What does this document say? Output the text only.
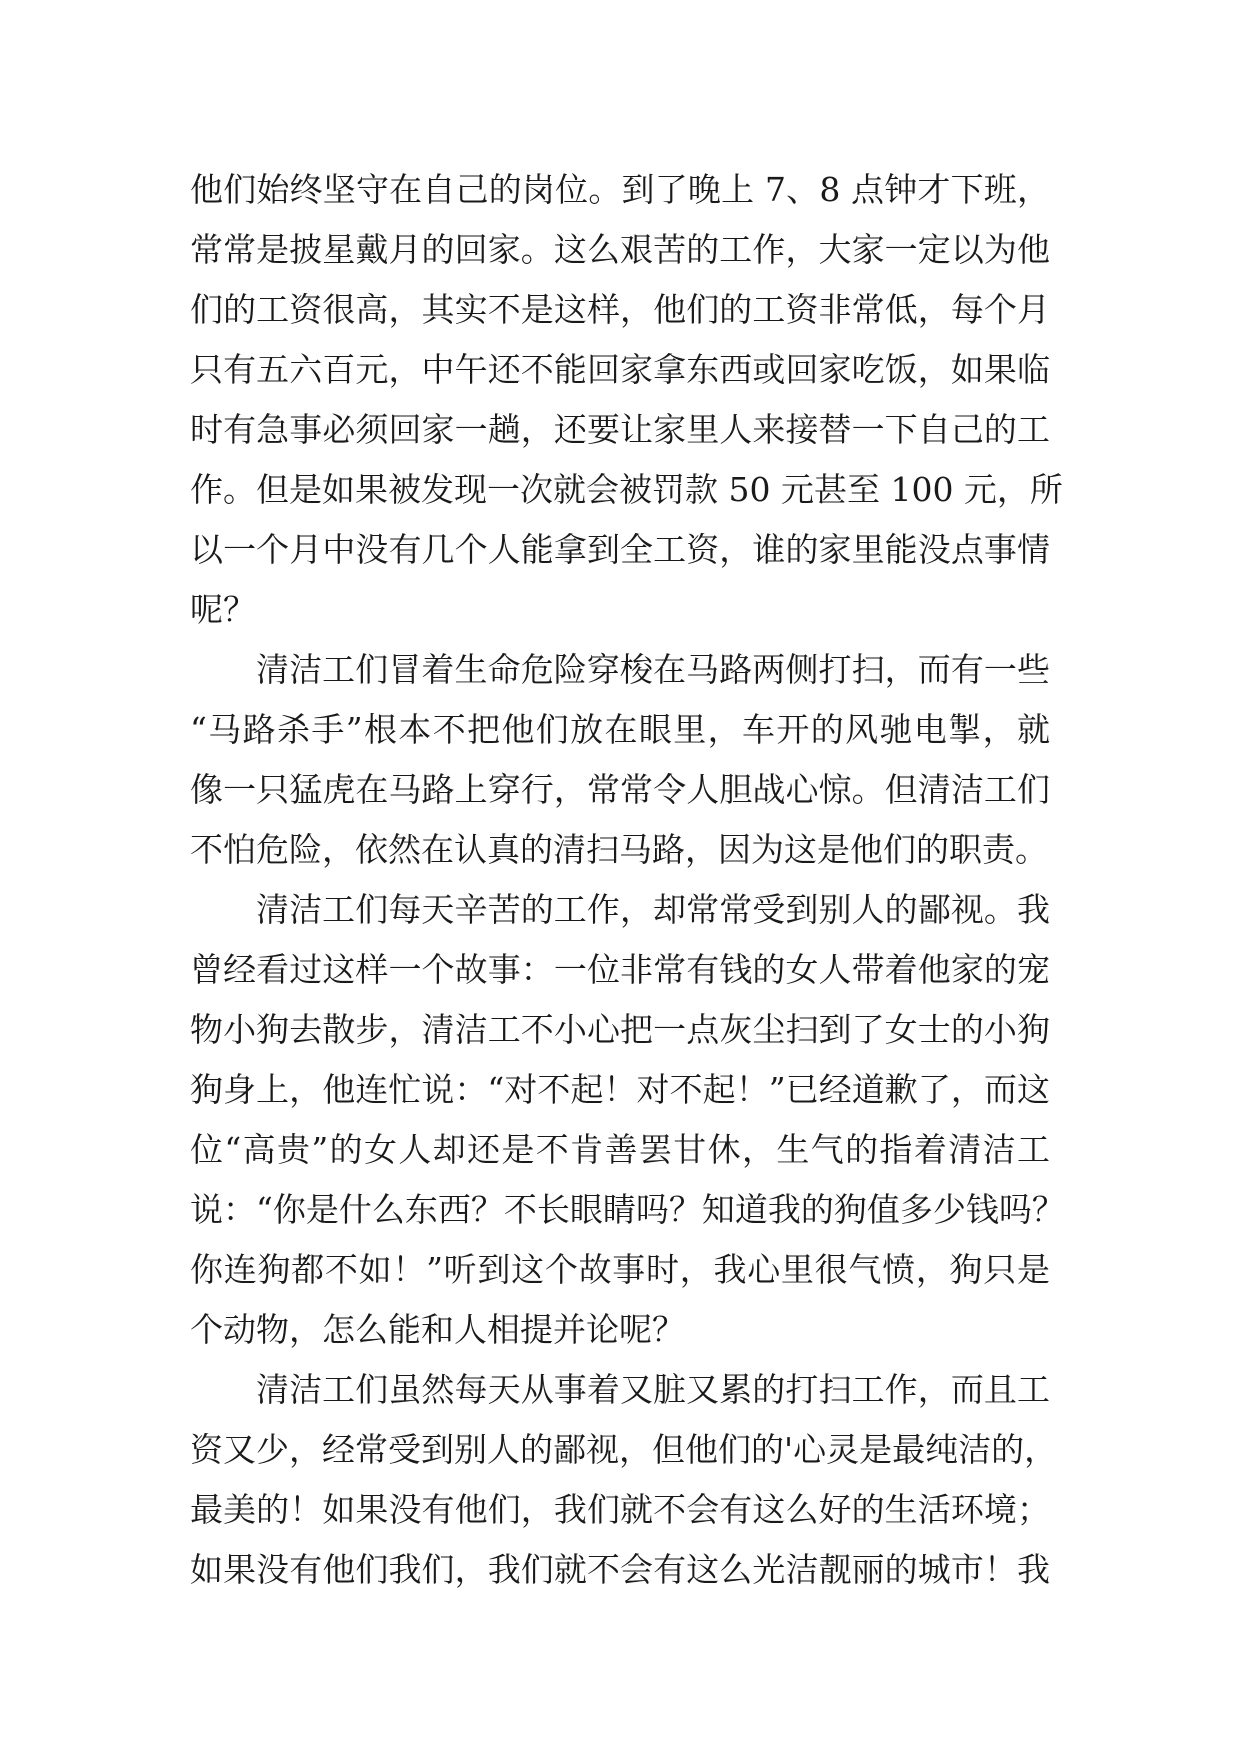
他们始终坚守在自己的岗位。到了晚上 7、8 点钟才下班，
常常是披星戴月的回家。这么艰苦的工作，大家一定以为他
们的工资很高，其实不是这样，他们的工资非常低，每个月
只有五六百元，中午还不能回家拿东西或回家吃饭，如果临
时有急事必须回家一趟，还要让家里人来接替一下自己的工
作。但是如果被发现一次就会被罚款 50 元甚至 100 元，所
以一个月中没有几个人能拿到全工资，谁的家里能没点事情
呢？
清洁工们冒着生命危险穿梭在马路两侧打扫，而有一些
“马路杀手”根本不把他们放在眼里，车开的风驰电掣，就
像一只猛虎在马路上穿行，常常令人胆战心惊。但清洁工们
不怕危险，依然在认真的清扫马路，因为这是他们的职责。
清洁工们每天辛苦的工作，却常常受到别人的鄙视。我
曾经看过这样一个故事：一位非常有钱的女人带着他家的宠
物小狗去散步，清洁工不小心把一点灰尘扫到了女士的小狗
狗身上，他连忙说：“对不起！对不起！”已经道歉了，而这
位“高贵”的女人却还是不肯善罢甘休，生气的指着清洁工
说：“你是什么东西？不长眼睛吗？知道我的狗值多少钱吗？
你连狗都不如！”听到这个故事时，我心里很气愤，狗只是
个动物，怎么能和人相提并论呢？
清洁工们虽然每天从事着又脏又累的打扫工作，而且工
资又少，经常受到别人的鄙视，但他们的'心灵是最纯洁的，
最美的！如果没有他们，我们就不会有这么好的生活环境；
如果没有他们我们，我们就不会有这么光洁靓丽的城市！我
